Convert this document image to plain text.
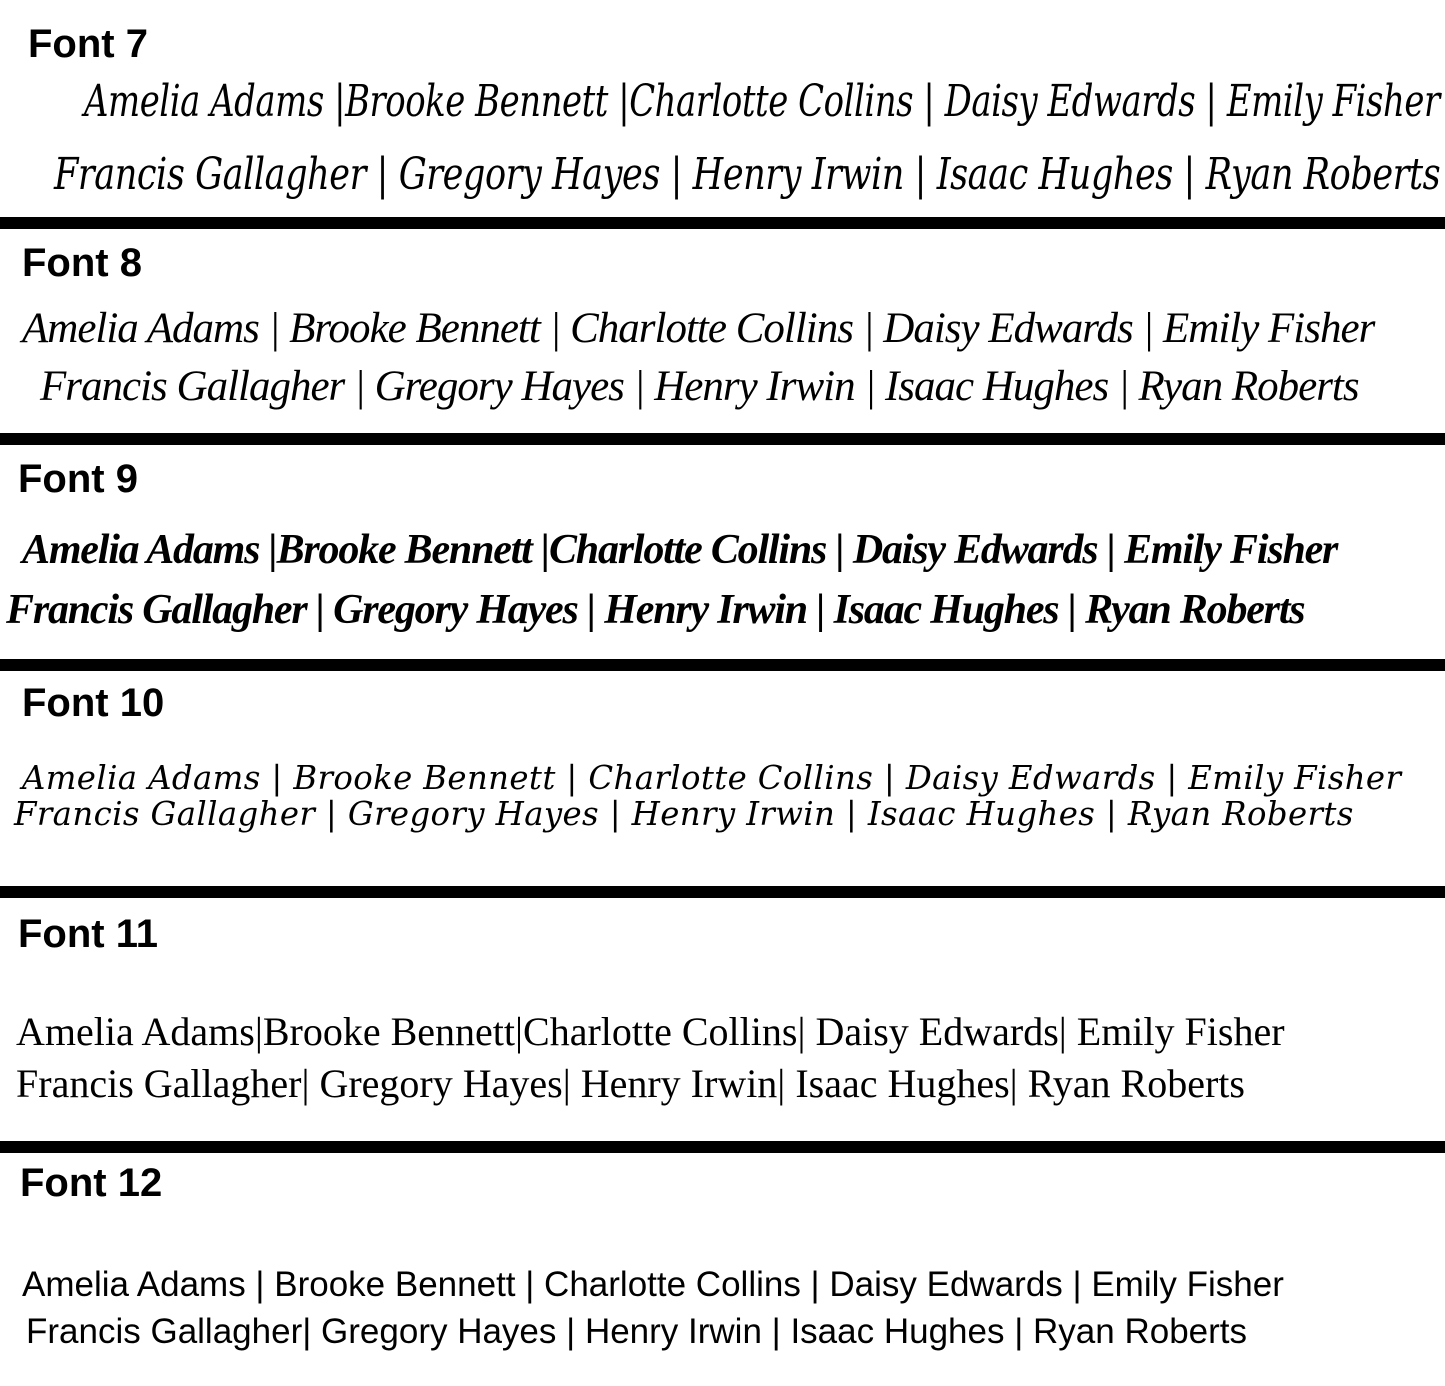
Font 7
Amelia Adams |Brooke Bennett |Charlotte Collins | Daisy Edwards | Emily Fisher
Francis Gallagher | Gregory Hayes | Henry Irwin | Isaac Hughes | Ryan Roberts
Font 8
Amelia Adams | Brooke Bennett | Charlotte Collins | Daisy Edwards | Emily Fisher
Francis Gallagher | Gregory Hayes | Henry Irwin | Isaac Hughes | Ryan Roberts
Font 9
Amelia Adams |Brooke Bennett |Charlotte Collins | Daisy Edwards | Emily Fisher
Francis Gallagher | Gregory Hayes | Henry Irwin | Isaac Hughes | Ryan Roberts
Font 10
Amelia Adams | Brooke Bennett | Charlotte Collins | Daisy Edwards | Emily Fisher
Francis Gallagher | Gregory Hayes | Henry Irwin | Isaac Hughes | Ryan Roberts
Font 11
Amelia Adams|Brooke Bennett|Charlotte Collins| Daisy Edwards| Emily Fisher
Francis Gallagher| Gregory Hayes| Henry Irwin| Isaac Hughes| Ryan Roberts
Font 12
Amelia Adams | Brooke Bennett | Charlotte Collins | Daisy Edwards | Emily Fisher
Francis Gallagher| Gregory Hayes | Henry Irwin | Isaac Hughes | Ryan Roberts
